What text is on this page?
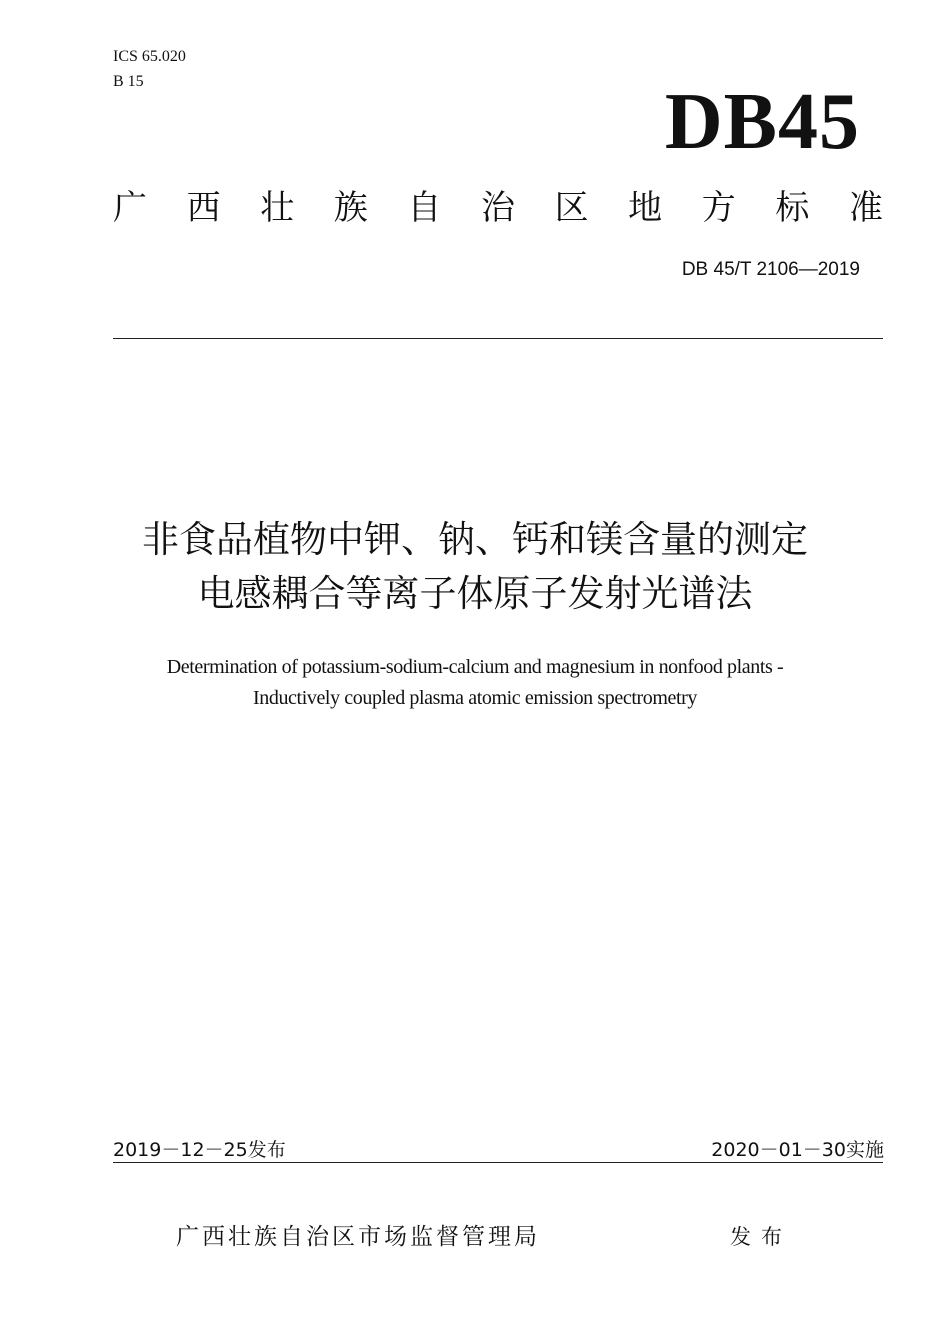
ICS 65.020
B 15	DB45
广 西 壮 族 自 治 区 地 方 标 准
DB 45/T 2106—2019
非食品植物中钾、钠、钙和镁含量的测定
电感耦合等离子体原子发射光谱法
Determination of potassium-sodium-calcium and magnesium in nonfood plants -
Inductively coupled plasma atomic emission spectrometry
2019－12－25发布	2020－01－30实施
广西壮族自治区市场监督管理局	发布
